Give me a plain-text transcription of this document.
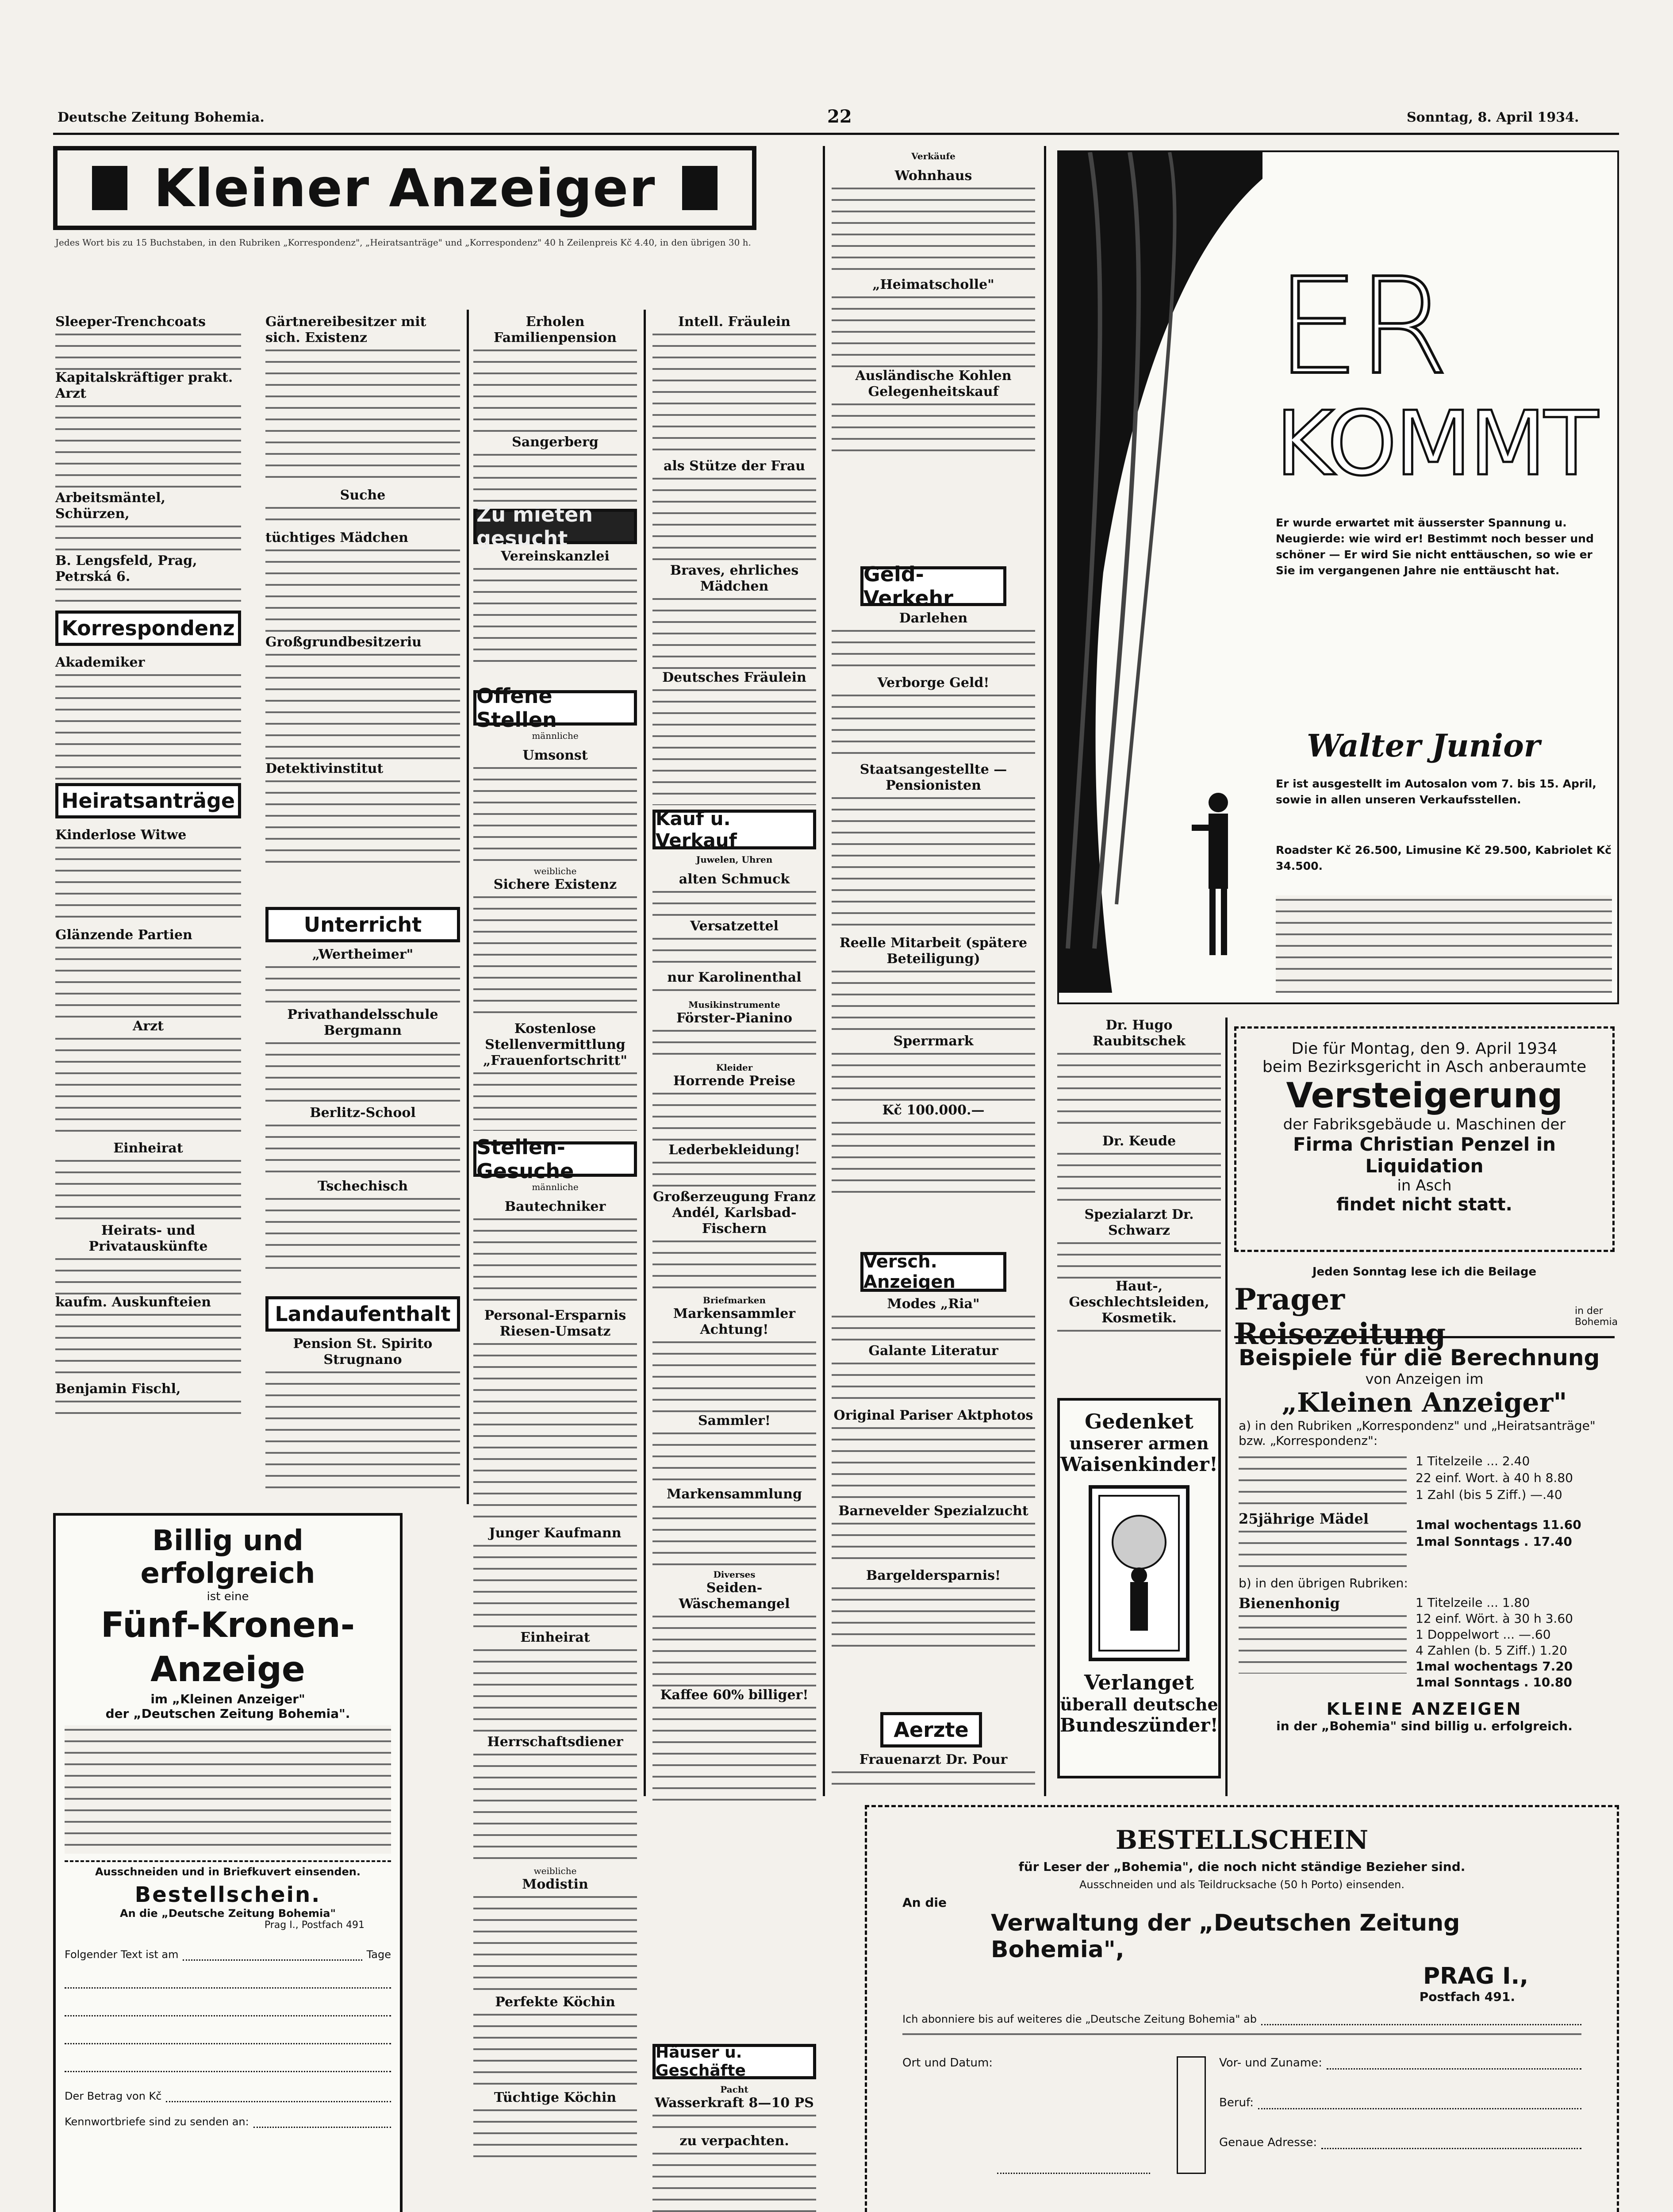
Deutsche Zeitung Bohemia.	22	Sonntag, 8. April 1934.
Kleiner Anzeiger
Jedes Wort bis zu 15 Buchstaben, in den Rubriken „Korrespondenz", „Heiratsanträge" und „Korrespondenz" 40 h Zeilenpreis Kč 4.40, in den übrigen 30 h.
Sleeper-Trenchcoats
Kapitalskräftiger prakt. Arzt
Arbeitsmäntel, Schürzen,
B. Lengsfeld, Prag, Petrská 6.
Korrespondenz
Akademiker
Heiratsanträge
Kinderlose Witwe
Glänzende Partien
Arzt
Einheirat
Heirats- und Privatauskünfte
kaufm. Auskunfteien
Benjamin Fischl,
Gärtnereibesitzer mit sich. Existenz
Suche
tüchtiges Mädchen
Großgrundbesitzeriu
Detektivinstitut
Unterricht
„Wertheimer"
Privathandelsschule Bergmann
Berlitz-School
Tschechisch
Landaufenthalt
Pension St. Spirito Strugnano
Erholen
Familienpension
Sangerberg
Zu mieten gesucht
Vereinskanzlei
Offene Stellen
männliche
Umsonst
weibliche
Sichere Existenz
Kostenlose Stellenvermittlung „Frauenfortschritt"
Stellen-Gesuche
männliche
Bautechniker
Personal-Ersparnis
Riesen-Umsatz
Junger Kaufmann
Einheirat
Herrschaftsdiener
weibliche
Modistin
Perfekte Köchin
Tüchtige Köchin
Intell. Fräulein
als Stütze der Frau
Braves, ehrliches Mädchen
Deutsches Fräulein
Kauf u. Verkauf
Juwelen, Uhren
alten Schmuck
Versatzettel
nur Karolinenthal
Musikinstrumente
Förster-Pianino
Kleider
Horrende Preise
Lederbekleidung!
Großerzeugung Franz Andél, Karlsbad-Fischern
Briefmarken
Markensammler Achtung!
Sammler!
Markensammlung
Diverses
Seiden-Wäschemangel
Kaffee 60% billiger!
Häuser u. Geschäfte
Pacht
Wasserkraft 8—10 PS
zu verpachten.
Verkäufe
Wohnhaus
„Heimatscholle"
Ausländische Kohlen
Gelegenheitskauf
Geld-Verkehr
Darlehen
Verborge Geld!
Staatsangestellte — Pensionisten
Reelle Mitarbeit (spätere Beteiligung)
Sperrmark
Kč 100.000.—
Versch. Anzeigen
Modes „Ria"
Galante Literatur
Original Pariser Aktphotos
Barnevelder Spezialzucht
Bargeldersparnis!
Aerzte
Frauenarzt Dr. Pour
ER
KOMMT
Er wurde erwartet mit äusserster Spannung u. Neugierde: wie wird er! Bestimmt noch besser und schöner — Er wird Sie nicht enttäuschen, so wie er Sie im vergangenen Jahre nie enttäuscht hat.
Walter Junior
Er ist ausgestellt im Autosalon vom 7. bis 15. April, sowie in allen unseren Verkaufsstellen.
Roadster Kč 26.500, Limusine Kč 29.500, Kabriolet Kč 34.500.
Dr. Hugo Raubitschek
Dr. Keude
Spezialarzt Dr. Schwarz
Haut-, Geschlechtsleiden, Kosmetik.
Gedenket
unserer armen
Waisenkinder!
Verlanget
überall deutsche
Bundeszünder!
Die für Montag, den 9. April 1934
beim Bezirksgericht in Asch anberaumte
Versteigerung
der Fabriksgebäude u. Maschinen der
Firma Christian Penzel in Liquidation
in Asch
findet nicht statt.
Jeden Sonntag lese ich die Beilage
Prager Reisezeitung
in der Bohemia
Beispiele für die Berechnung
von Anzeigen im
„Kleinen Anzeiger"
a) in den Rubriken „Korrespondenz" und „Heiratsanträge" bzw. „Korrespondenz":
25jährige Mädel
1 Titelzeile ... 2.40
22 einf. Wort. à 40 h 8.80
1 Zahl (bis 5 Ziff.) —.40
1mal wochentags 11.60
1mal Sonntags . 17.40
b) in den übrigen Rubriken:
Bienenhonig	1 Titelzeile ... 1.80
12 einf. Wört. à 30 h 3.60
1 Doppelwort ... —.60
4 Zahlen (b. 5 Ziff.) 1.20
1mal wochentags 7.20
1mal Sonntags . 10.80
KLEINE ANZEIGEN
in der „Bohemia" sind billig u. erfolgreich.
Billig und erfolgreich
ist eine
Fünf-Kronen-Anzeige
im „Kleinen Anzeiger"
der „Deutschen Zeitung Bohemia".
Ausschneiden und in Briefkuvert einsenden.
Bestellschein.
An die „Deutsche Zeitung Bohemia"
Prag I., Postfach 491
Folgender Text ist am	Tage
Der Betrag von Kč
Kennwortbriefe sind zu senden an:
BESTELLSCHEIN
für Leser der „Bohemia", die noch nicht ständige Bezieher sind.
Ausschneiden und als Teildrucksache (50 h Porto) einsenden.
An die
Verwaltung der „Deutschen Zeitung Bohemia",
PRAG I.,
Postfach 491.
Ich abonniere bis auf weiteres die „Deutsche Zeitung Bohemia" ab
Ort und Datum:	Vor- und Zuname:
Beruf:
Genaue Adresse:
